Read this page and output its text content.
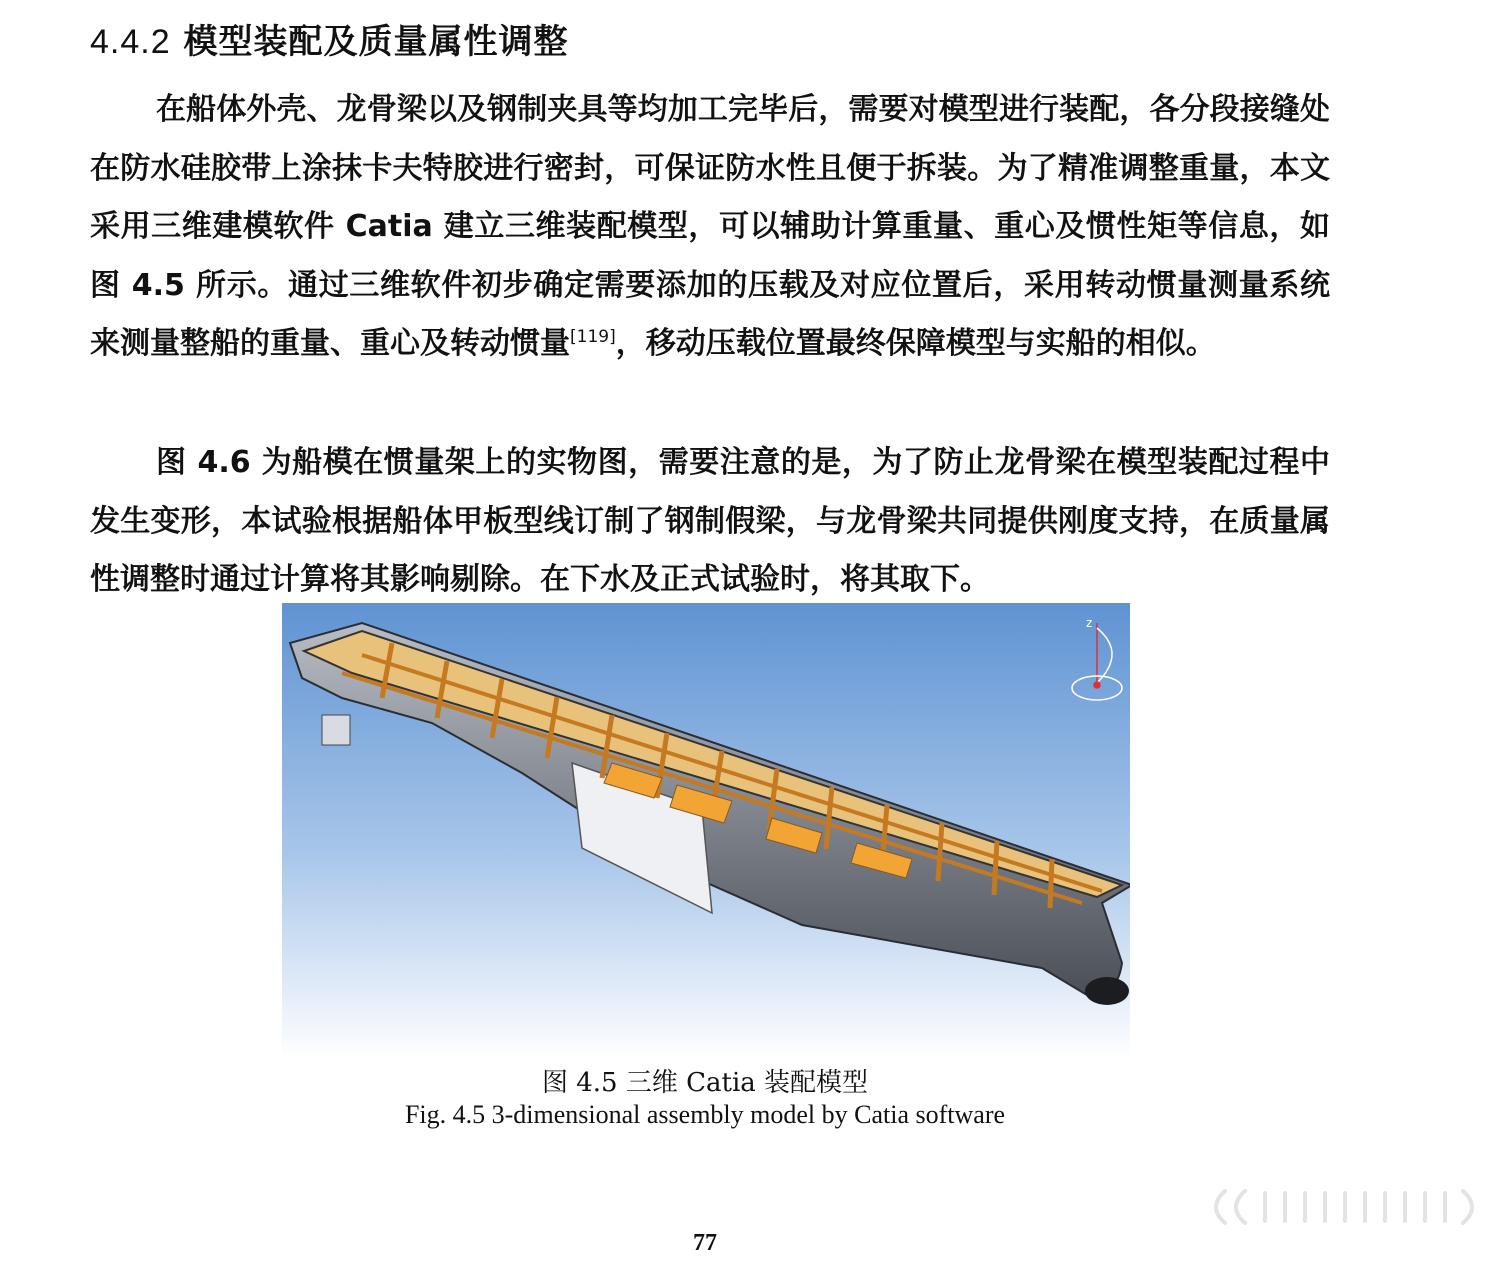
4.4.2 模型装配及质量属性调整

在船体外壳、龙骨梁以及钢制夹具等均加工完毕后，需要对模型进行装配，各分段接缝处在防水硅胶带上涂抹卡夫特胶进行密封，可保证防水性且便于拆装。为了精准调整重量，本文采用三维建模软件 Catia 建立三维装配模型，可以辅助计算重量、重心及惯性矩等信息，如图 4.5 所示。通过三维软件初步确定需要添加的压载及对应位置后，采用转动惯量测量系统来测量整船的重量、重心及转动惯量[119]，移动压载位置最终保障模型与实船的相似。

图 4.6 为船模在惯量架上的实物图，需要注意的是，为了防止龙骨梁在模型装配过程中发生变形，本试验根据船体甲板型线订制了钢制假梁，与龙骨梁共同提供刚度支持，在质量属性调整时通过计算将其影响剔除。在下水及正式试验时，将其取下。

z
图 4.5 三维 Catia 装配模型
Fig. 4.5 3-dimensional assembly model by Catia software
77
